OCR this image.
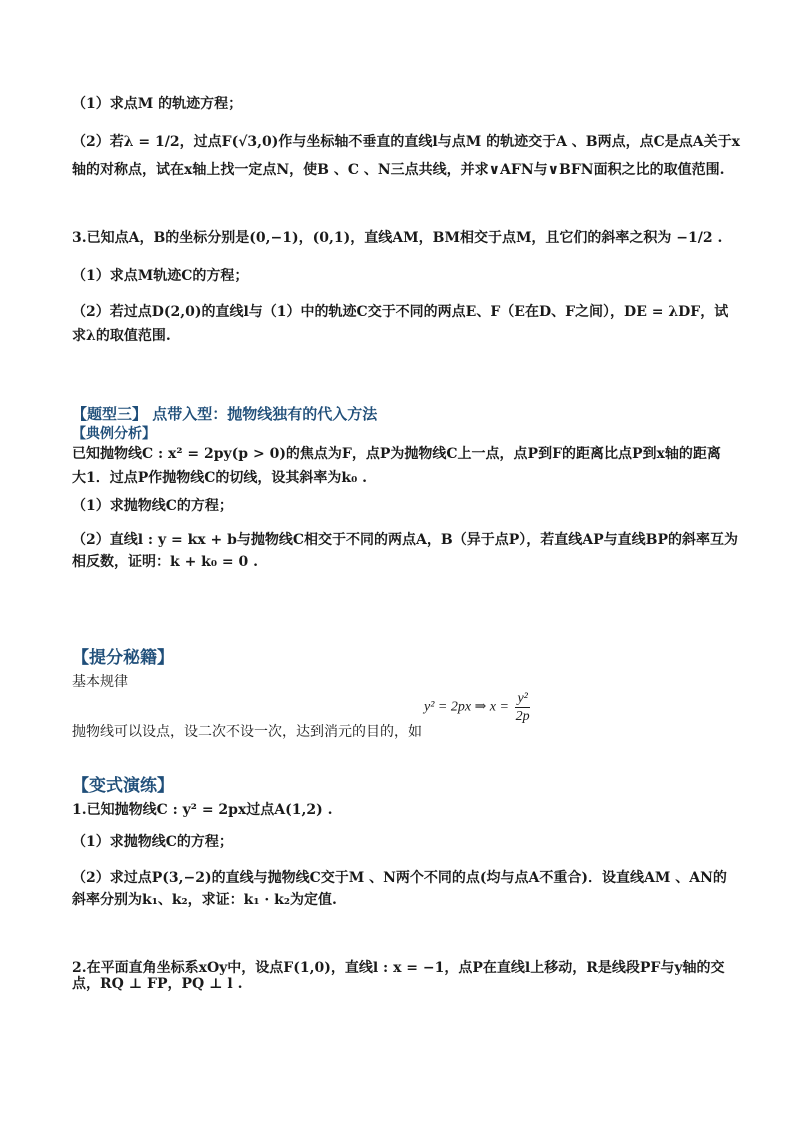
（1）求点M 的轨迹方程；
（2）若λ = 1/2，过点F(√3,0)作与坐标轴不垂直的直线l与点M 的轨迹交于A 、B两点，点C是点A关于x
轴的对称点，试在x轴上找一定点N，使B 、C 、N三点共线，并求∨AFN与∨BFN面积之比的取值范围.
3.已知点A，B的坐标分别是(0,−1)，(0,1)，直线AM，BM相交于点M，且它们的斜率之积为 −1/2 .
（1）求点M轨迹C的方程；
（2）若过点D(2,0)的直线l与（1）中的轨迹C交于不同的两点E、F（E在D、F之间），DE = λDF，试
求λ的取值范围.
【题型三】 点带入型：抛物线独有的代入方法
【典例分析】
已知抛物线C : x² = 2py(p > 0)的焦点为F，点P为抛物线C上一点，点P到F的距离比点P到x轴的距离
大1．过点P作抛物线C的切线，设其斜率为k₀ .
（1）求抛物线C的方程；
（2）直线l : y = kx + b与抛物线C相交于不同的两点A，B（异于点P），若直线AP与直线BP的斜率互为
相反数，证明：k + k₀ = 0 .
【提分秘籍】
基本规律
y² = 2px ⇒ $x = \frac{\text{y²}}{2p}$
抛物线可以设点，设二次不设一次，达到消元的目的，如
【变式演练】
1.已知抛物线C : y² = 2px过点A(1,2) .
（1）求抛物线C的方程；
（2）求过点P(3,−2)的直线与抛物线C交于M 、N两个不同的点(均与点A不重合)．设直线AM 、AN的
斜率分别为k₁、k₂，求证：k₁ · k₂为定值.
2.在平面直角坐标系xOy中，设点F(1,0)，直线l : x = −1，点P在直线l上移动，R是线段PF与y轴的交
点，RQ ⊥ FP，PQ ⊥ l .
